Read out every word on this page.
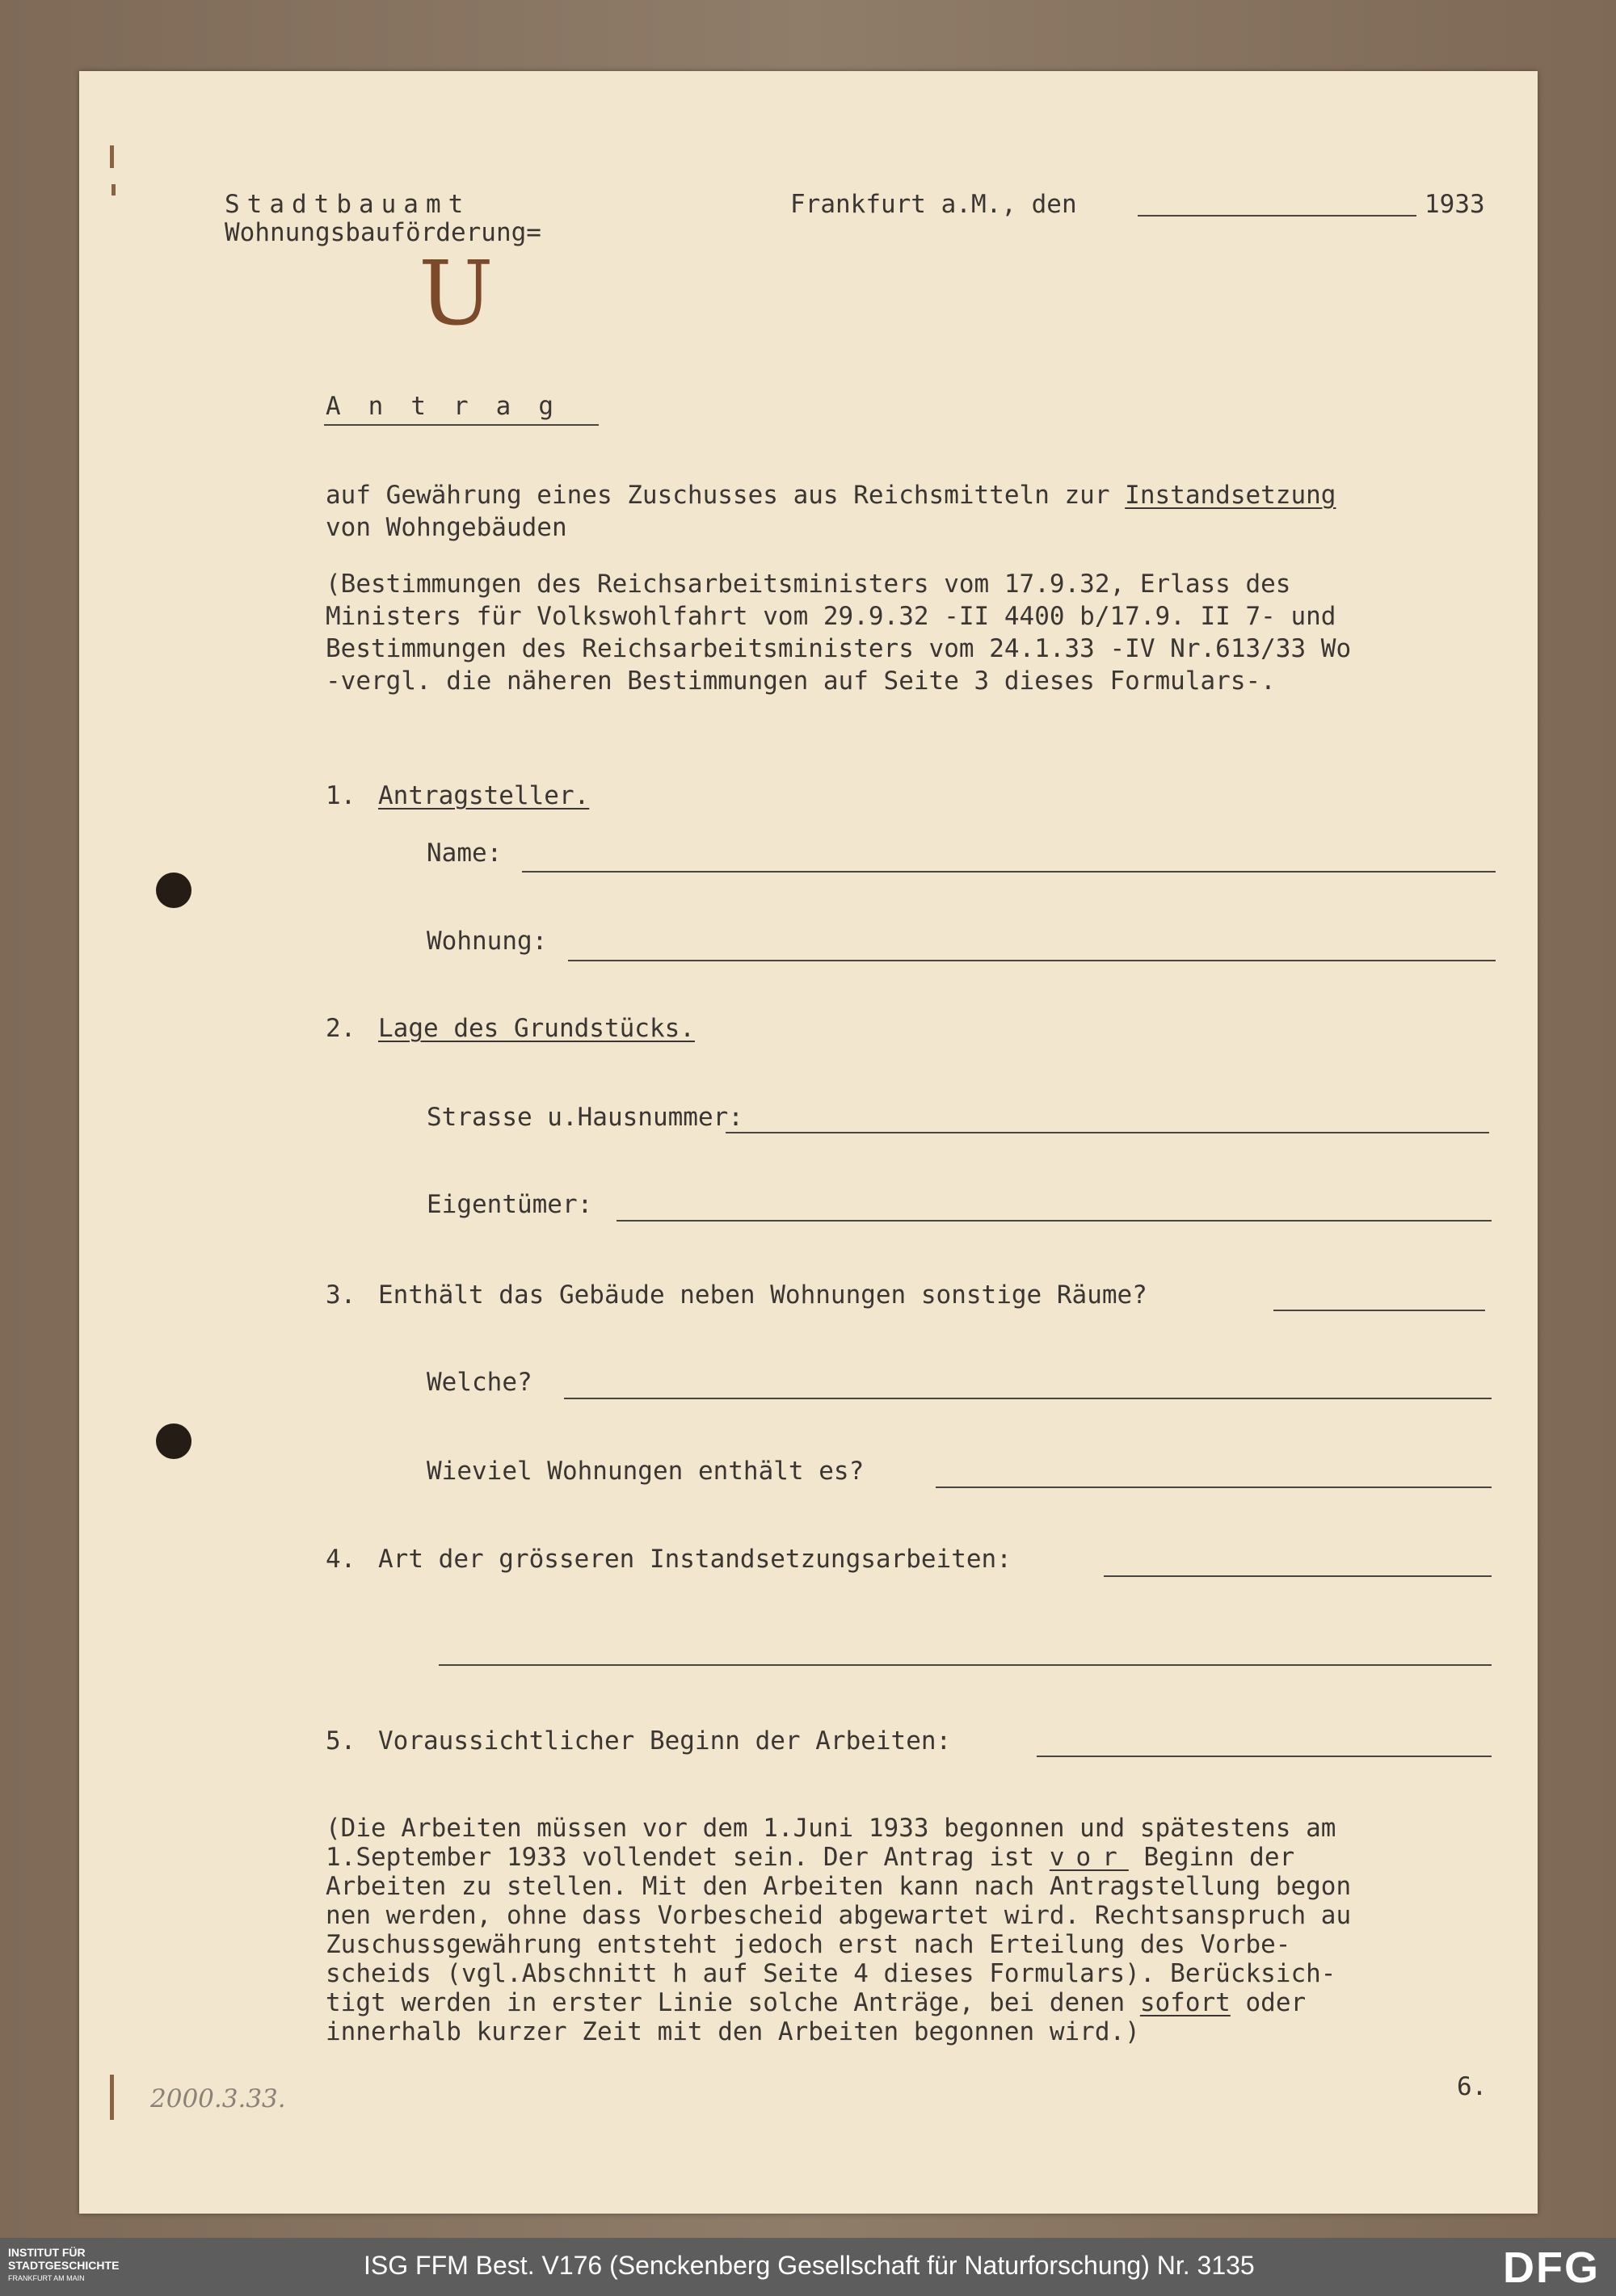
Stadtbauamt
Wohnungsbauförderung=
Frankfurt a.M., den	1933
U
Antrag
auf Gewährung eines Zuschusses aus Reichsmitteln zur Instandsetzung
von Wohngebäuden
(Bestimmungen des Reichsarbeitsministers vom 17.9.32, Erlass des
Ministers für Volkswohlfahrt vom 29.9.32 -II 4400 b/17.9. II 7- und
Bestimmungen des Reichsarbeitsministers vom 24.1.33 -IV Nr.613/33 Wo
-vergl. die näheren Bestimmungen auf Seite 3 dieses Formulars-.
1. Antragsteller.
Name:
Wohnung:
2. Lage des Grundstücks.
Strasse u.Hausnummer:
Eigentümer:
3. Enthält das Gebäude neben Wohnungen sonstige Räume?
Welche?
Wieviel Wohnungen enthält es?
4. Art der grösseren Instandsetzungsarbeiten:
5. Voraussichtlicher Beginn der Arbeiten:
(Die Arbeiten müssen vor dem 1.Juni 1933 begonnen und spätestens am
1.September 1933 vollendet sein. Der Antrag ist vor Beginn der
Arbeiten zu stellen. Mit den Arbeiten kann nach Antragstellung begon
nen werden, ohne dass Vorbescheid abgewartet wird. Rechtsanspruch au
Zuschussgewährung entsteht jedoch erst nach Erteilung des Vorbe-
scheids (vgl.Abschnitt h auf Seite 4 dieses Formulars). Berücksich-
tigt werden in erster Linie solche Anträge, bei denen sofort oder
innerhalb kurzer Zeit mit den Arbeiten begonnen wird.)
2000.3.33.	6.
INSTITUT FÜR
STADTGESCHICHTE
FRANKFURT AM MAIN	ISG FFM Best. V176 (Senckenberg Gesellschaft für Naturforschung) Nr. 3135	DFG
